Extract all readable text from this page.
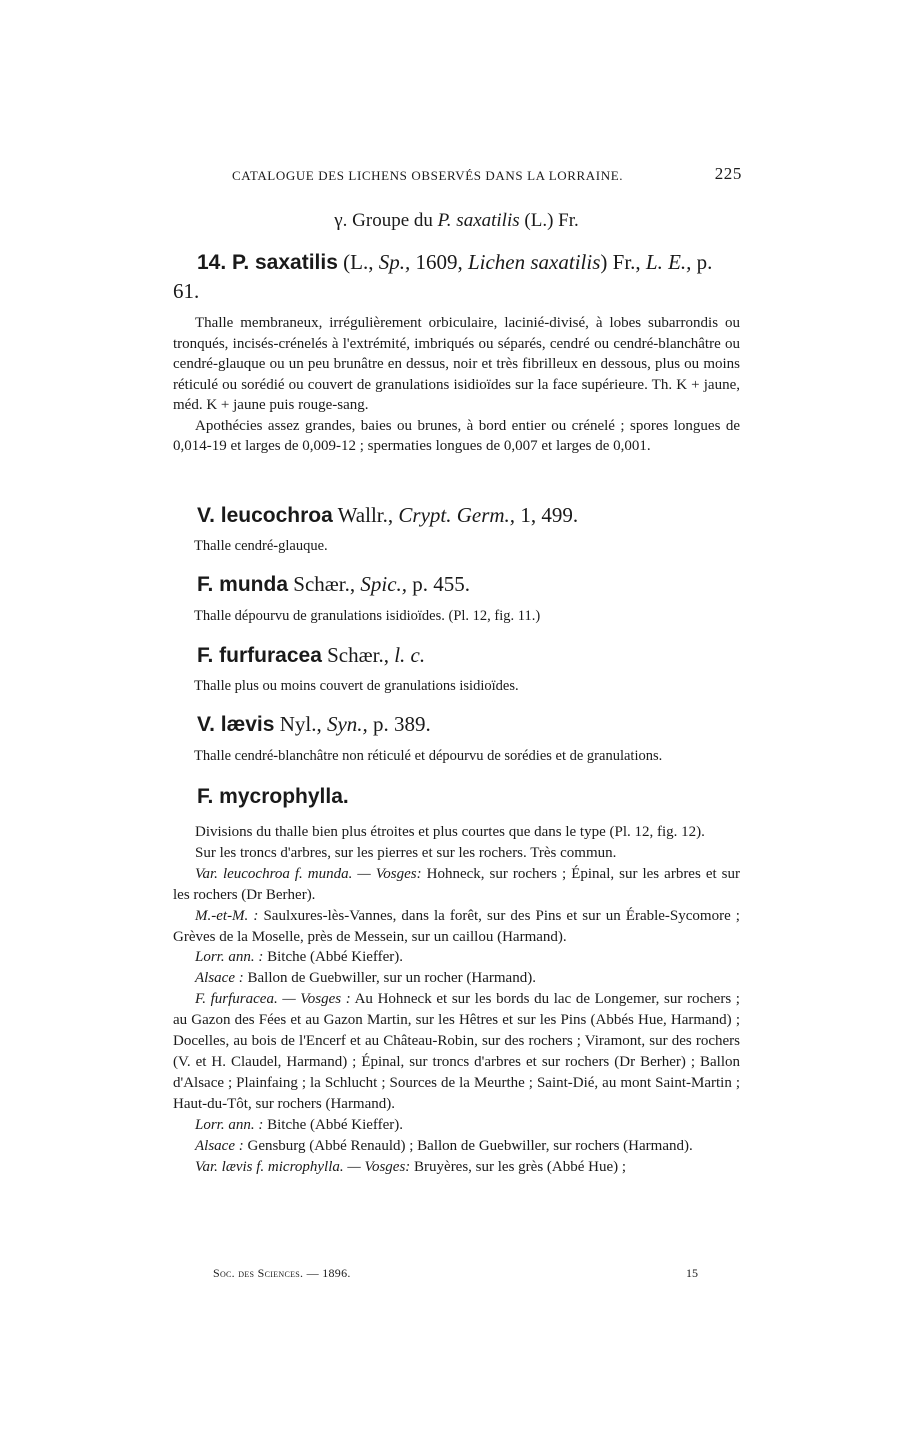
CATALOGUE DES LICHENS OBSERVÉS DANS LA LORRAINE.	225
γ. Groupe du P. saxatilis (L.) Fr.

14. P. saxatilis (L., Sp., 1609, Lichen saxatilis) Fr., L. E., p. 61.

Thalle membraneux, irrégulièrement orbiculaire, lacinié-divisé, à lobes subarrondis ou tronqués, incisés-crénelés à l'extrémité, imbriqués ou séparés, cendré ou cendré-blanchâtre ou cendré-glauque ou un peu brunâtre en dessus, noir et très fibrilleux en dessous, plus ou moins réticulé ou sorédié ou couvert de granulations isidioïdes sur la face supérieure. Th. K + jaune, méd. K + jaune puis rouge-sang.

Apothécies assez grandes, baies ou brunes, à bord entier ou crénelé ; spores longues de 0,014-19 et larges de 0,009-12 ; spermaties longues de 0,007 et larges de 0,001.

V. leucochroa Wallr., Crypt. Germ., 1, 499.

Thalle cendré-glauque.

F. munda Schær., Spic., p. 455.

Thalle dépourvu de granulations isidioïdes. (Pl. 12, fig. 11.)

F. furfuracea Schær., l. c.

Thalle plus ou moins couvert de granulations isidioïdes.

V. lævis Nyl., Syn., p. 389.

Thalle cendré-blanchâtre non réticulé et dépourvu de sorédies et de granulations.

F. mycrophylla.

Divisions du thalle bien plus étroites et plus courtes que dans le type (Pl. 12, fig. 12).

Sur les troncs d'arbres, sur les pierres et sur les rochers. Très commun.

Var. leucochroa f. munda. — Vosges: Hohneck, sur rochers ; Épinal, sur les arbres et sur les rochers (Dr Berher).

M.-et-M. : Saulxures-lès-Vannes, dans la forêt, sur des Pins et sur un Érable-Sycomore ; Grèves de la Moselle, près de Messein, sur un caillou (Harmand).

Lorr. ann. : Bitche (Abbé Kieffer).

Alsace : Ballon de Guebwiller, sur un rocher (Harmand).

F. furfuracea. — Vosges : Au Hohneck et sur les bords du lac de Longemer, sur rochers ; au Gazon des Fées et au Gazon Martin, sur les Hêtres et sur les Pins (Abbés Hue, Harmand) ; Docelles, au bois de l'Encerf et au Château-Robin, sur des rochers ; Viramont, sur des rochers (V. et H. Claudel, Harmand) ; Épinal, sur troncs d'arbres et sur rochers (Dr Berher) ; Ballon d'Alsace ; Plainfaing ; la Schlucht ; Sources de la Meurthe ; Saint-Dié, au mont Saint-Martin ; Haut-du-Tôt, sur rochers (Harmand).

Lorr. ann. : Bitche (Abbé Kieffer).

Alsace : Gensburg (Abbé Renauld) ; Ballon de Guebwiller, sur rochers (Harmand).

Var. lævis f. microphylla. — Vosges: Bruyères, sur les grès (Abbé Hue) ;

Soc. des Sciences. — 1896.	15
